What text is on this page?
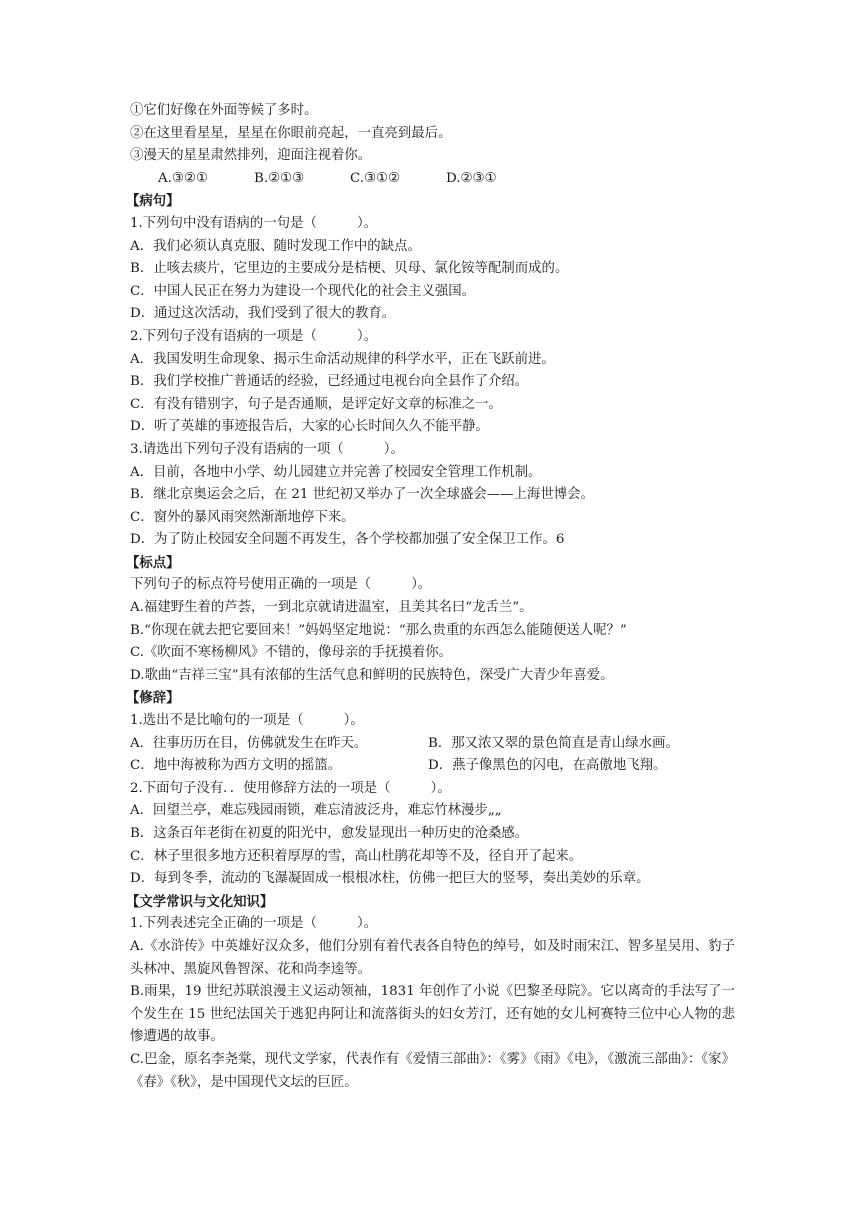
①它们好像在外面等候了多时。
②在这里看星星，星星在你眼前亮起，一直亮到最后。
③漫天的星星肃然排列，迎面注视着你。
A.③②①	B.②①③	C.③①②	D.②③①
【病句】
1.下列句中没有语病的一句是（　　　）。
A．我们必须认真克服、随时发现工作中的缺点。
B．止咳去痰片，它里边的主要成分是桔梗、贝母、氯化铵等配制而成的。
C．中国人民正在努力为建设一个现代化的社会主义强国。
D．通过这次活动，我们受到了很大的教育。
2.下列句子没有语病的一项是（　　　）。
A．我国发明生命现象、揭示生命活动规律的科学水平，正在飞跃前进。
B．我们学校推广普通话的经验，已经通过电视台向全县作了介绍。
C．有没有错别字，句子是否通顺，是评定好文章的标准之一。
D．听了英雄的事迹报告后，大家的心长时间久久不能平静。
3.请选出下列句子没有语病的一项（　　　）。
A．目前，各地中小学、幼儿园建立并完善了校园安全管理工作机制。
B．继北京奥运会之后，在 21 世纪初又举办了一次全球盛会——上海世博会。
C．窗外的暴风雨突然渐渐地停下来。
D．为了防止校园安全问题不再发生，各个学校都加强了安全保卫工作。6
【标点】
下列句子的标点符号使用正确的一项是（　　　）。
A.福建野生着的芦荟，一到北京就请进温室，且美其名曰“龙舌兰”。
B.“你现在就去把它要回来！”妈妈坚定地说：“那么贵重的东西怎么能随便送人呢？”
C.《吹面不寒杨柳风》不错的，像母亲的手抚摸着你。
D.歌曲“吉祥三宝”具有浓郁的生活气息和鲜明的民族特色，深受广大青少年喜爱。
【修辞】
1.选出不是比喻句的一项是（　　　）。
A．往事历历在目，仿佛就发生在昨天。	B．那又浓又翠的景色简直是青山绿水画。
C．地中海被称为西方文明的摇篮。	D．燕子像黑色的闪电，在高傲地飞翔。
2.下面句子没有．．使用修辞方法的一项是（　　　）。
A．回望兰亭，难忘残园雨锁，难忘清波泛舟，难忘竹林漫步„„
B．这条百年老街在初夏的阳光中，愈发显现出一种历史的沧桑感。
C．林子里很多地方还积着厚厚的雪，高山杜鹃花却等不及，径自开了起来。
D．每到冬季，流动的飞瀑凝固成一根根冰柱，仿佛一把巨大的竖琴，奏出美妙的乐章。
【文学常识与文化知识】
1.下列表述完全正确的一项是（　　　）。
A.《水浒传》中英雄好汉众多，他们分别有着代表各自特色的绰号，如及时雨宋江、智多星吴用、豹子头林冲、黑旋风鲁智深、花和尚李逵等。
B.雨果，19 世纪苏联浪漫主义运动领袖，1831 年创作了小说《巴黎圣母院》。它以离奇的手法写了一个发生在 15 世纪法国关于逃犯冉阿让和流落街头的妇女芳汀，还有她的女儿柯赛特三位中心人物的悲惨遭遇的故事。
C.巴金，原名李尧棠，现代文学家，代表作有《爱情三部曲》：《雾》《雨》《电》，《激流三部曲》：《家》《春》《秋》，是中国现代文坛的巨匠。
